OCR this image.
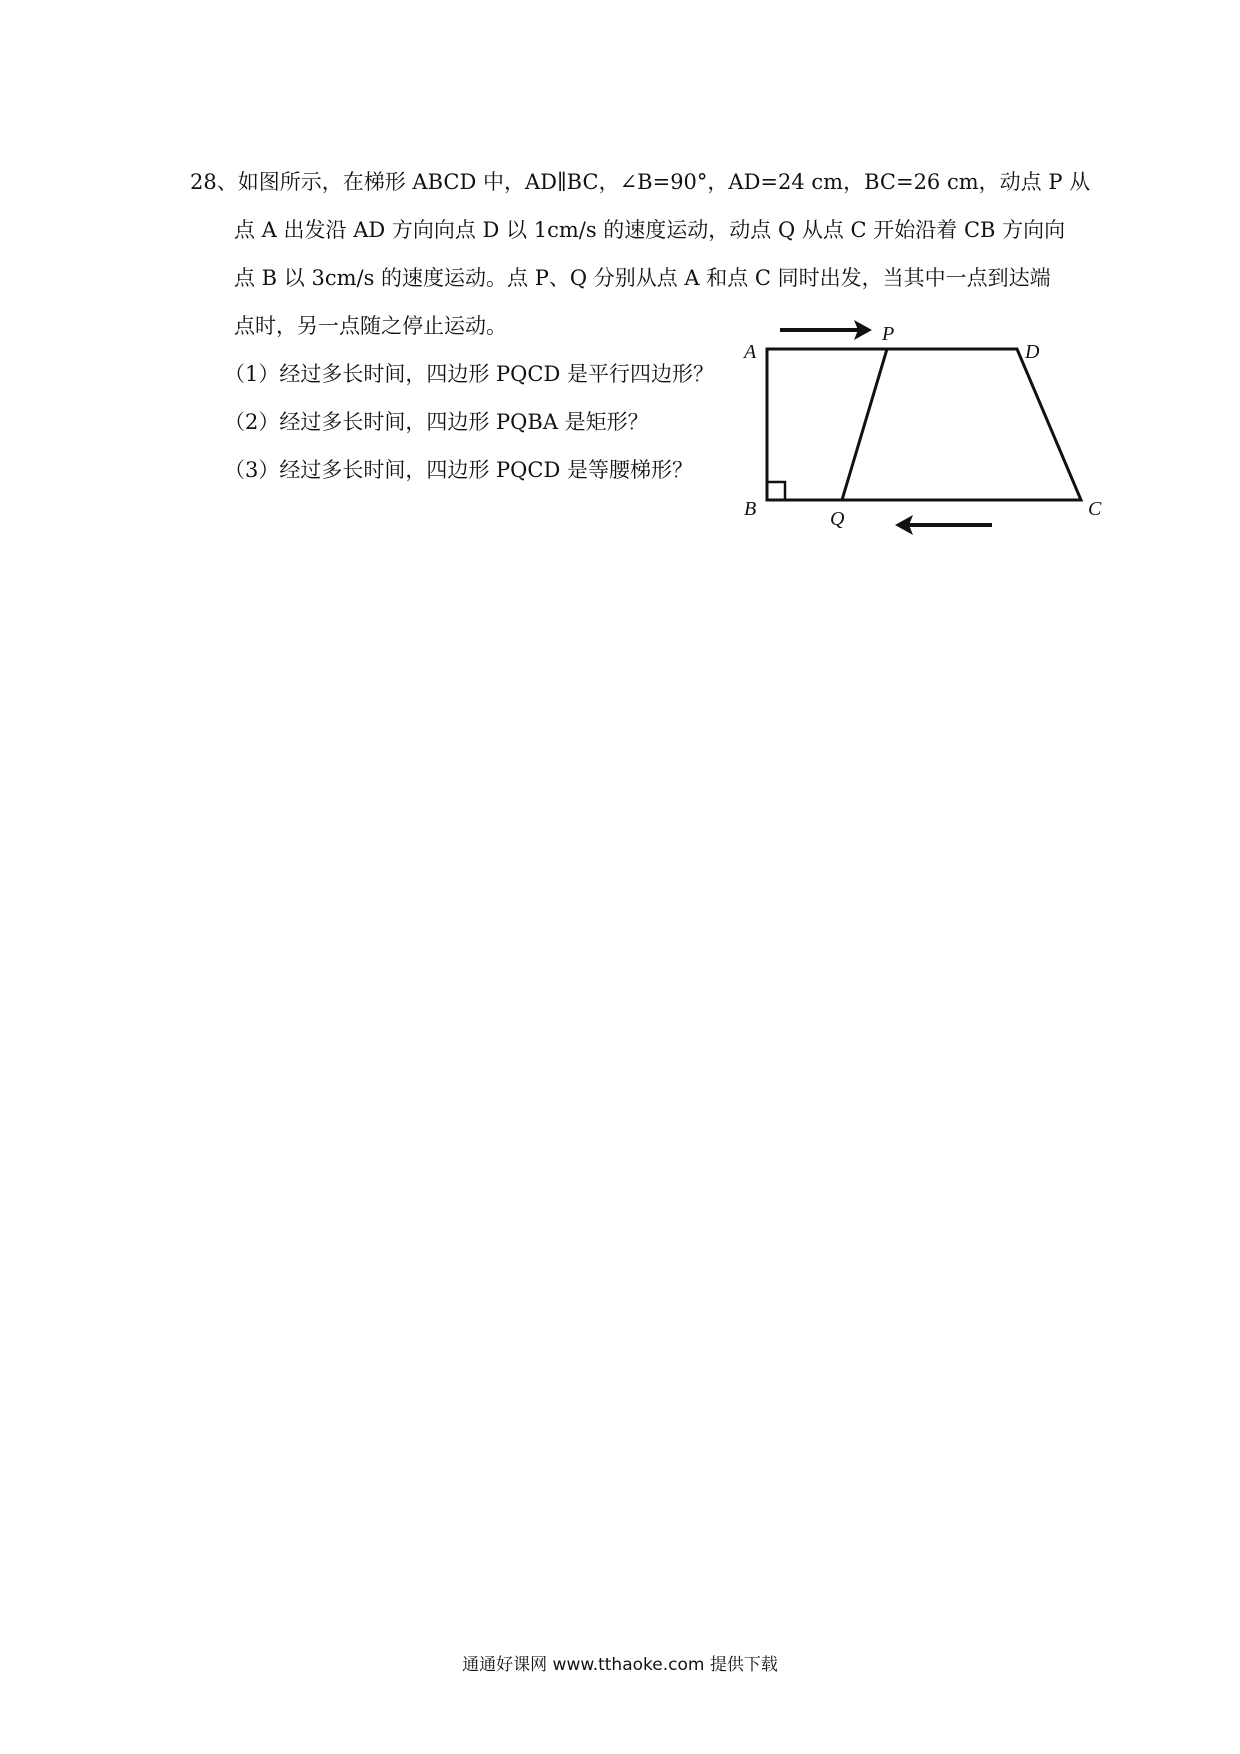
28、如图所示，在梯形 ABCD 中，AD∥BC，∠B=90°，AD=24 cm，BC=26 cm，动点 P 从
点 A 出发沿 AD 方向向点 D 以 1cm/s 的速度运动，动点 Q 从点 C 开始沿着 CB 方向向
点 B 以 3cm/s 的速度运动。点 P、Q 分别从点 A 和点 C 同时出发，当其中一点到达端
点时，另一点随之停止运动。
（1）经过多长时间，四边形 PQCD 是平行四边形？
（2）经过多长时间，四边形 PQBA 是矩形？
（3）经过多长时间，四边形 PQCD 是等腰梯形？
A
P
D
B	Q	C
通通好课网 www.tthaoke.com 提供下载
